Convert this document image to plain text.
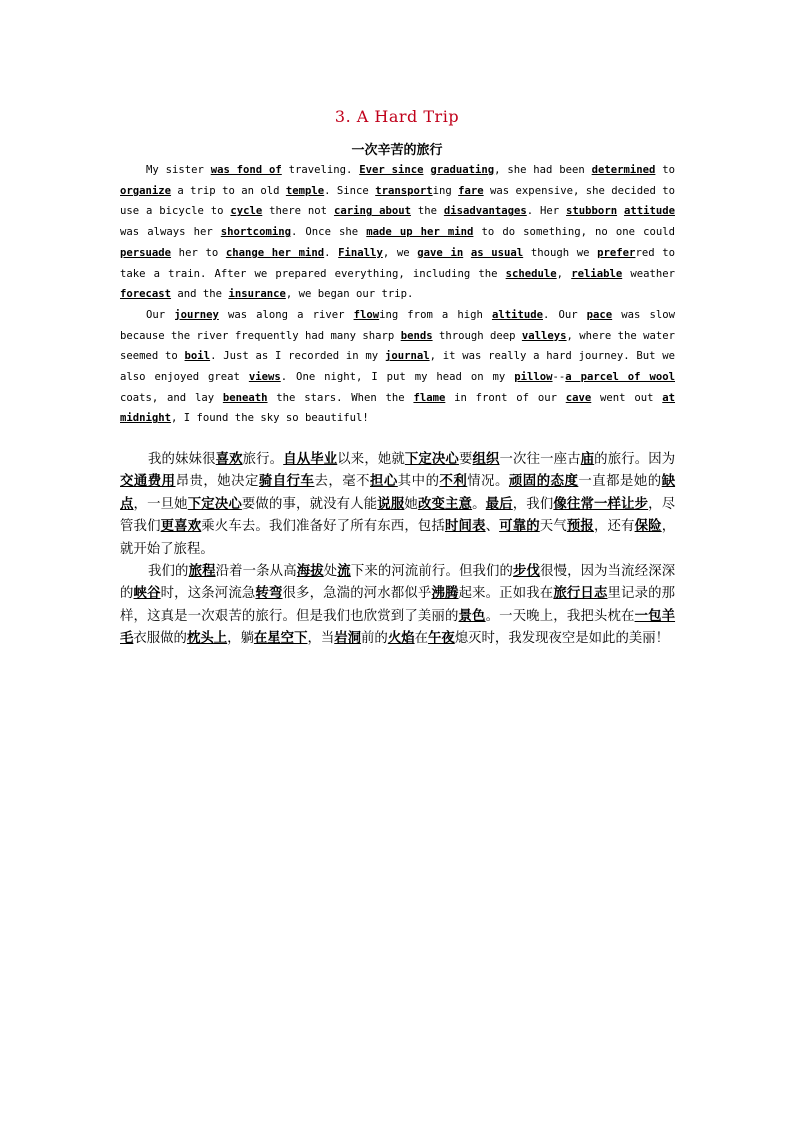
3. A Hard Trip
一次辛苦的旅行

My sister was fond of traveling. Ever since graduating, she had been determined to organize a trip to an old temple. Since transporting fare was expensive, she decided to use a bicycle to cycle there not caring about the disadvantages. Her stubborn attitude was always her shortcoming. Once she made up her mind to do something, no one could persuade her to change her mind. Finally, we gave in as usual though we preferred to take a train. After we prepared everything, including the schedule, reliable weather forecast and the insurance, we began our trip.

Our journey was along a river flowing from a high altitude. Our pace was slow because the river frequently had many sharp bends through deep valleys, where the water seemed to boil. Just as I recorded in my journal, it was really a hard journey. But we also enjoyed great views. One night, I put my head on my pillow--a parcel of wool coats, and lay beneath the stars. When the flame in front of our cave went out at midnight, I found the sky so beautiful!

我的妹妹很喜欢旅行。自从毕业以来，她就下定决心要组织一次往一座古庙的旅行。因为交通费用昂贵，她决定骑自行车去，毫不担心其中的不利情况。顽固的态度一直都是她的缺点，一旦她下定决心要做的事，就没有人能说服她改变主意。最后，我们像往常一样让步，尽管我们更喜欢乘火车去。我们准备好了所有东西，包括时间表、可靠的天气预报，还有保险，就开始了旅程。

我们的旅程沿着一条从高海拔处流下来的河流前行。但我们的步伐很慢，因为当流经深深的峡谷时，这条河流急转弯很多，急湍的河水都似乎沸腾起来。正如我在旅行日志里记录的那样，这真是一次艰苦的旅行。但是我们也欣赏到了美丽的景色。一天晚上，我把头枕在一包羊毛衣服做的枕头上，躺在星空下，当岩洞前的火焰在午夜熄灭时，我发现夜空是如此的美丽！
